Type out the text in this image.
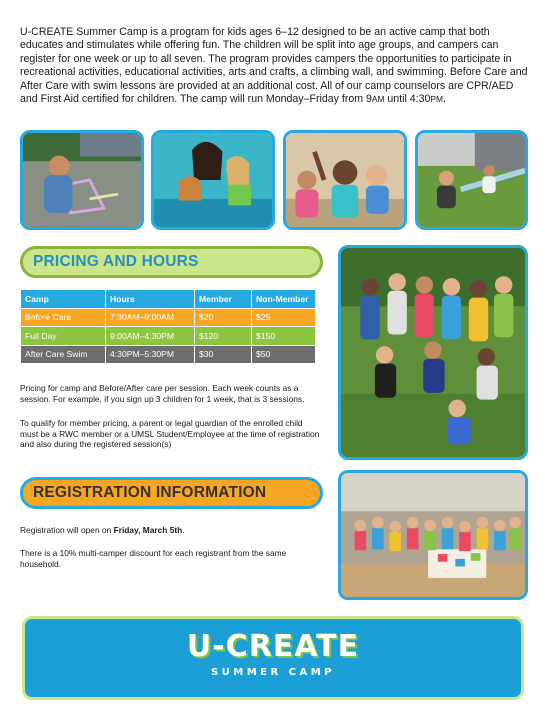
U-CREATE Summer Camp is a program for kids ages 6–12 designed to be an active camp that both educates and stimulates while offering fun. The children will be split into age groups, and campers can register for one week or up to all seven. The program provides campers the opportunities to participate in recreational activities, educational activities, arts and crafts, a climbing wall, and swimming. Before Care and After Care with swim lessons are provided at an additional cost. All of our camp counselors are CPR/AED and First Aid certified for children. The camp will run Monday–Friday from 9AM until 4:30PM.

PRICING AND HOURS
Camp	Hours	Member	Non-Member
Before Care	7:30AM–9:00AM	$20	$25
Full Day	9:00AM–4:30PM	$120	$150
After Care Swim	4:30PM–5:30PM	$30	$50

Pricing for camp and Before/After care per session. Each week counts as a session. For example, if you sign up 3 children for 1 week, that is 3 sessions.

To qualify for member pricing, a parent or legal guardian of the enrolled child must be a RWC member or a UMSL Student/Employee at the time of registration and also during the registered session(s)

REGISTRATION INFORMATION

Registration will open on Friday, March 5th.

There is a 10% multi-camper discount for each registrant from the same household.

U-CREATE
SUMMER CAMP
